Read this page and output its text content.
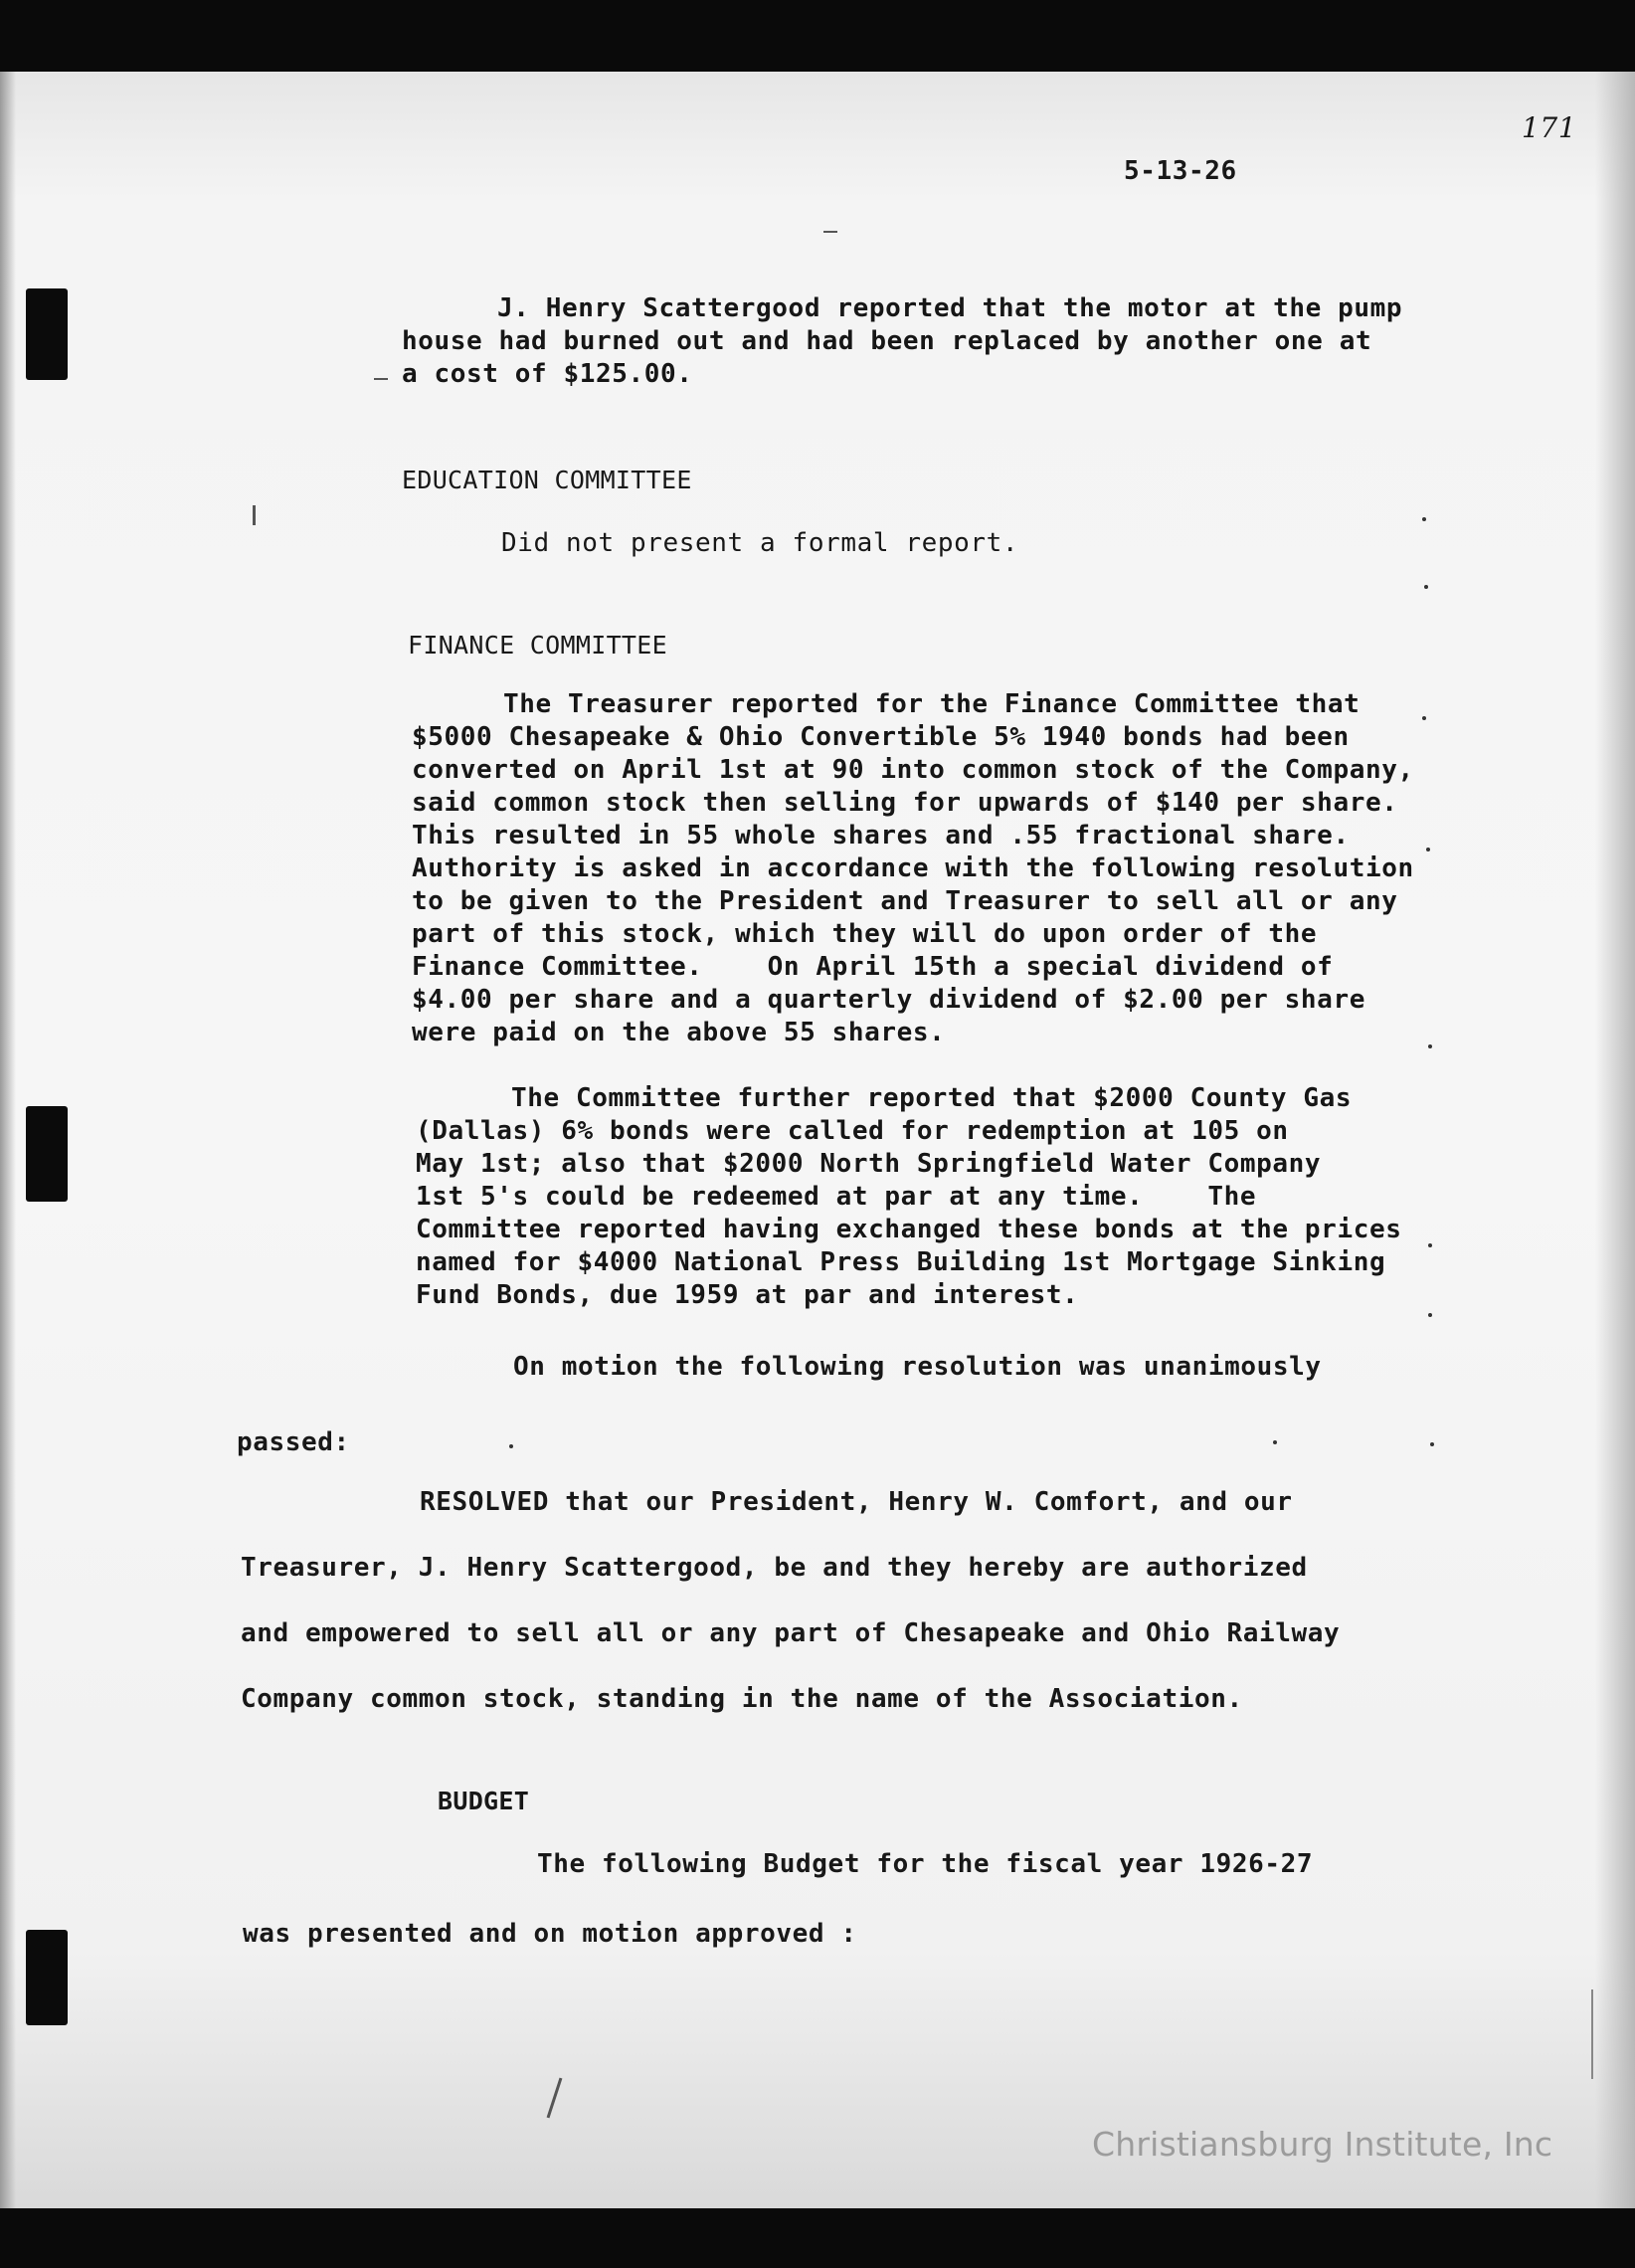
171
5-13-26
J. Henry Scattergood reported that the motor at the pump
house had burned out and had been replaced by another one at
a cost of $125.00.
EDUCATION COMMITTEE
Did not present a formal report.
FINANCE COMMITTEE
The Treasurer reported for the Finance Committee that
$5000 Chesapeake & Ohio Convertible 5% 1940 bonds had been
converted on April 1st at 90 into common stock of the Company,
said common stock then selling for upwards of $140 per share.
This resulted in 55 whole shares and .55 fractional share.
Authority is asked in accordance with the following resolution
to be given to the President and Treasurer to sell all or any
part of this stock, which they will do upon order of the
Finance Committee.    On April 15th a special dividend of
$4.00 per share and a quarterly dividend of $2.00 per share
were paid on the above 55 shares.
The Committee further reported that $2000 County Gas
(Dallas) 6% bonds were called for redemption at 105 on
May 1st; also that $2000 North Springfield Water Company
1st 5's could be redeemed at par at any time.    The
Committee reported having exchanged these bonds at the prices
named for $4000 National Press Building 1st Mortgage Sinking
Fund Bonds, due 1959 at par and interest.
On motion the following resolution was unanimously
passed:
RESOLVED that our President, Henry W. Comfort, and our
Treasurer, J. Henry Scattergood, be and they hereby are authorized
and empowered to sell all or any part of Chesapeake and Ohio Railway
Company common stock, standing in the name of the Association.
BUDGET
The following Budget for the fiscal year 1926-27
was presented and on motion approved :
Christiansburg Institute, Inc
